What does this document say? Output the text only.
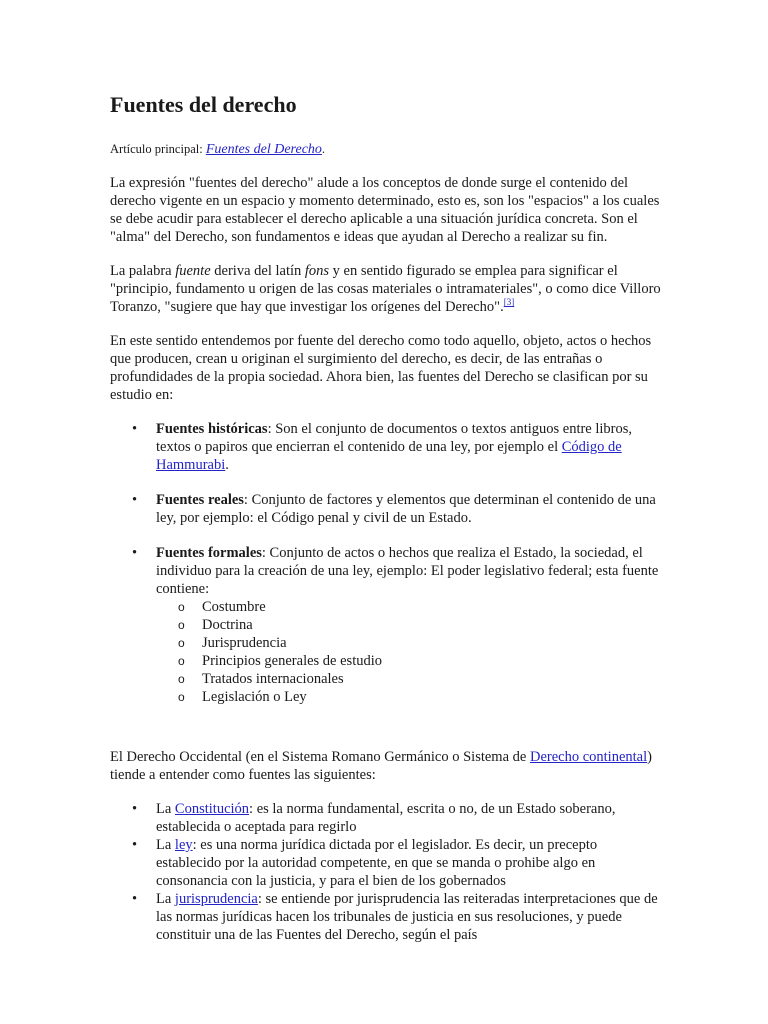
Fuentes del derecho
Artículo principal: Fuentes del Derecho.

La expresión "fuentes del derecho" alude a los conceptos de donde surge el contenido del derecho vigente en un espacio y momento determinado, esto es, son los "espacios" a los cuales se debe acudir para establecer el derecho aplicable a una situación jurídica concreta. Son el "alma" del Derecho, son fundamentos e ideas que ayudan al Derecho a realizar su fin.

La palabra fuente deriva del latín fons y en sentido figurado se emplea para significar el "principio, fundamento u origen de las cosas materiales o intramateriales", o como dice Villoro Toranzo, "sugiere que hay que investigar los orígenes del Derecho".[3]

En este sentido entendemos por fuente del derecho como todo aquello, objeto, actos o hechos que producen, crean u originan el surgimiento del derecho, es decir, de las entrañas o profundidades de la propia sociedad. Ahora bien, las fuentes del Derecho se clasifican por su estudio en:

• Fuentes históricas: Son el conjunto de documentos o textos antiguos entre libros, textos o papiros que encierran el contenido de una ley, por ejemplo el Código de Hammurabi.
• Fuentes reales: Conjunto de factores y elementos que determinan el contenido de una ley, por ejemplo: el Código penal y civil de un Estado.
• Fuentes formales: Conjunto de actos o hechos que realiza el Estado, la sociedad, el individuo para la creación de una ley, ejemplo: El poder legislativo federal; esta fuente contiene:
o Costumbre
o Doctrina
o Jurisprudencia
o Principios generales de estudio
o Tratados internacionales
o Legislación o Ley

El Derecho Occidental (en el Sistema Romano Germánico o Sistema de Derecho continental) tiende a entender como fuentes las siguientes:

• La Constitución: es la norma fundamental, escrita o no, de un Estado soberano, establecida o aceptada para regirlo
• La ley: es una norma jurídica dictada por el legislador. Es decir, un precepto establecido por la autoridad competente, en que se manda o prohibe algo en consonancia con la justicia, y para el bien de los gobernados
• La jurisprudencia: se entiende por jurisprudencia las reiteradas interpretaciones que de las normas jurídicas hacen los tribunales de justicia en sus resoluciones, y puede constituir una de las Fuentes del Derecho, según el país
